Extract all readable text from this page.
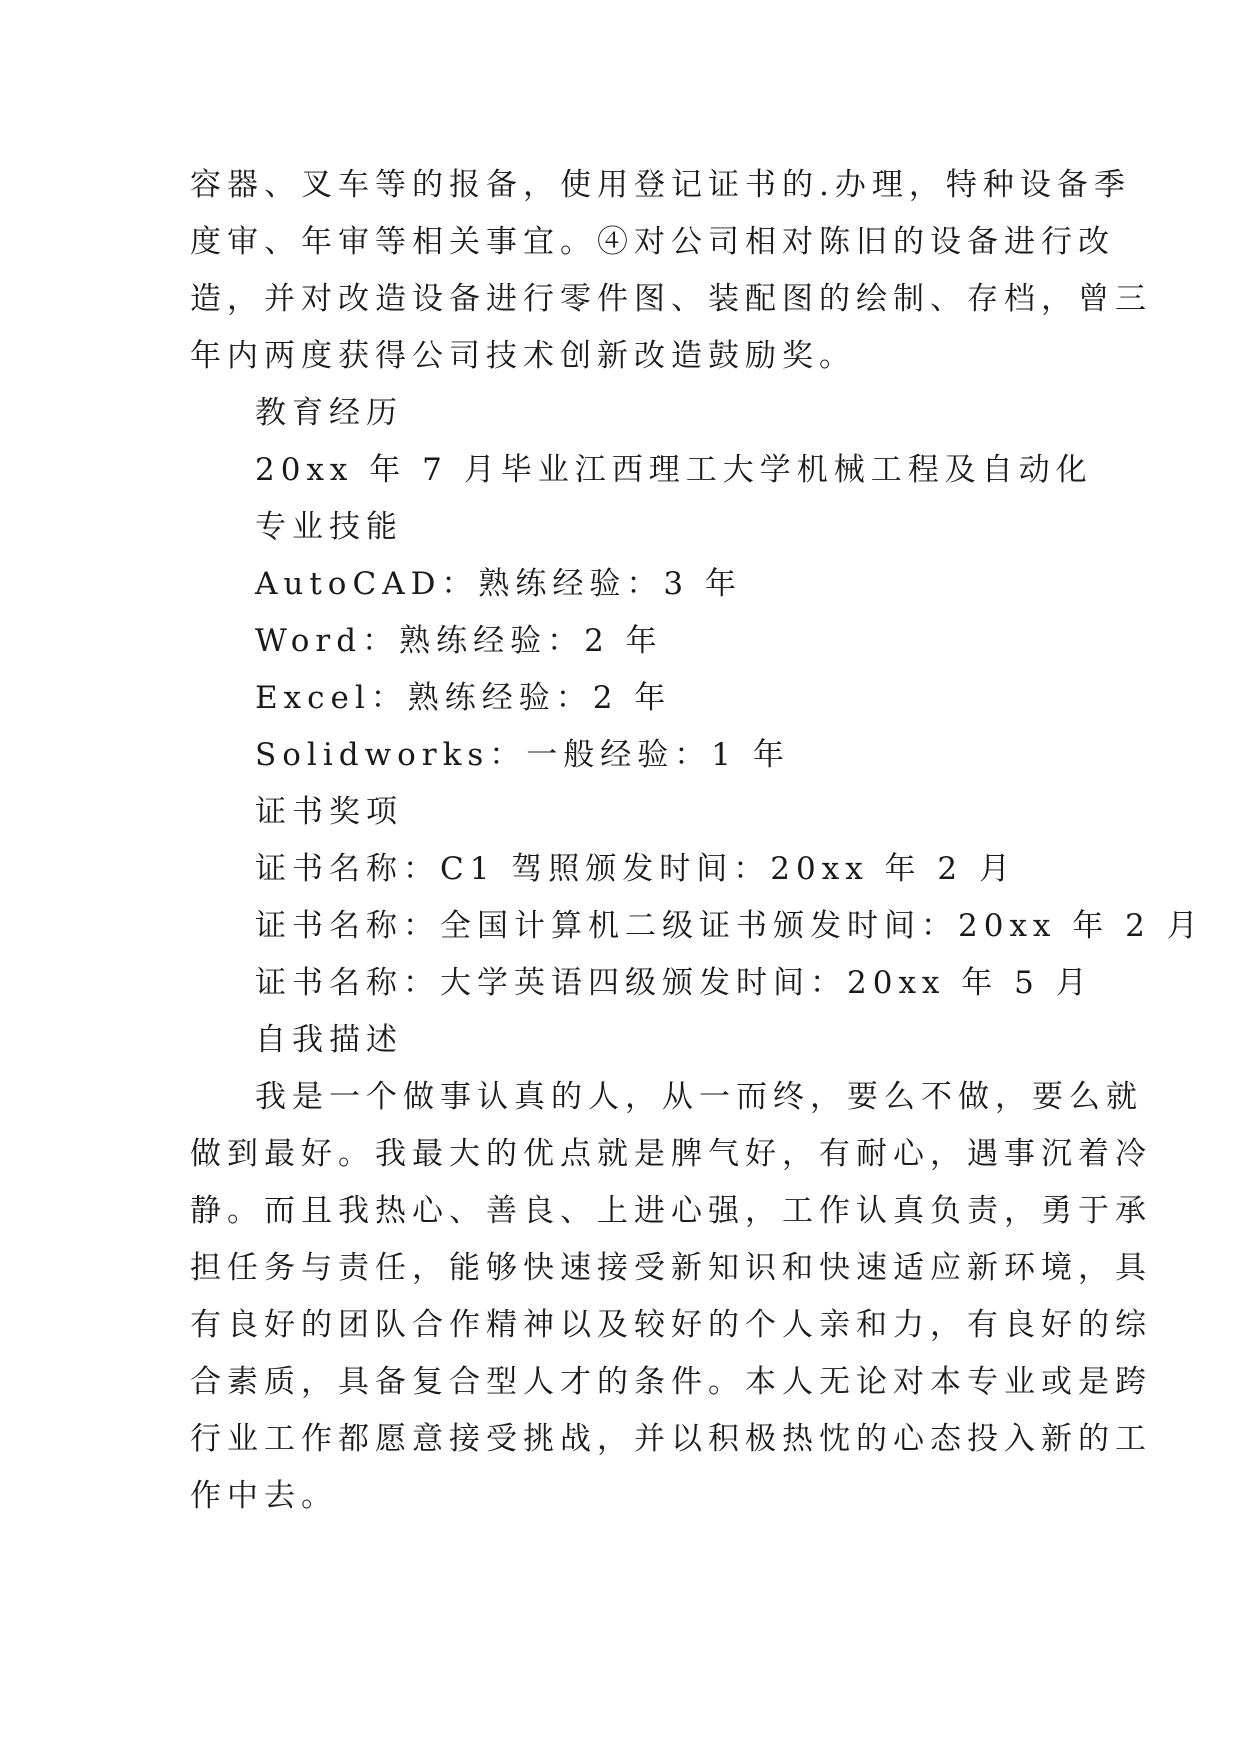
容器、叉车等的报备，使用登记证书的.办理，特种设备季
度审、年审等相关事宜。④对公司相对陈旧的设备进行改
造，并对改造设备进行零件图、装配图的绘制、存档，曾三
年内两度获得公司技术创新改造鼓励奖。
教育经历
20xx 年 7 月毕业江西理工大学机械工程及自动化
专业技能
AutoCAD：熟练经验：3 年
Word：熟练经验：2 年
Excel：熟练经验：2 年
Solidworks：一般经验：1 年
证书奖项
证书名称：C1 驾照颁发时间：20xx 年 2 月
证书名称：全国计算机二级证书颁发时间：20xx 年 2 月
证书名称：大学英语四级颁发时间：20xx 年 5 月
自我描述
我是一个做事认真的人，从一而终，要么不做，要么就
做到最好。我最大的优点就是脾气好，有耐心，遇事沉着冷
静。而且我热心、善良、上进心强，工作认真负责，勇于承
担任务与责任，能够快速接受新知识和快速适应新环境，具
有良好的团队合作精神以及较好的个人亲和力，有良好的综
合素质，具备复合型人才的条件。本人无论对本专业或是跨
行业工作都愿意接受挑战，并以积极热忱的心态投入新的工
作中去。
